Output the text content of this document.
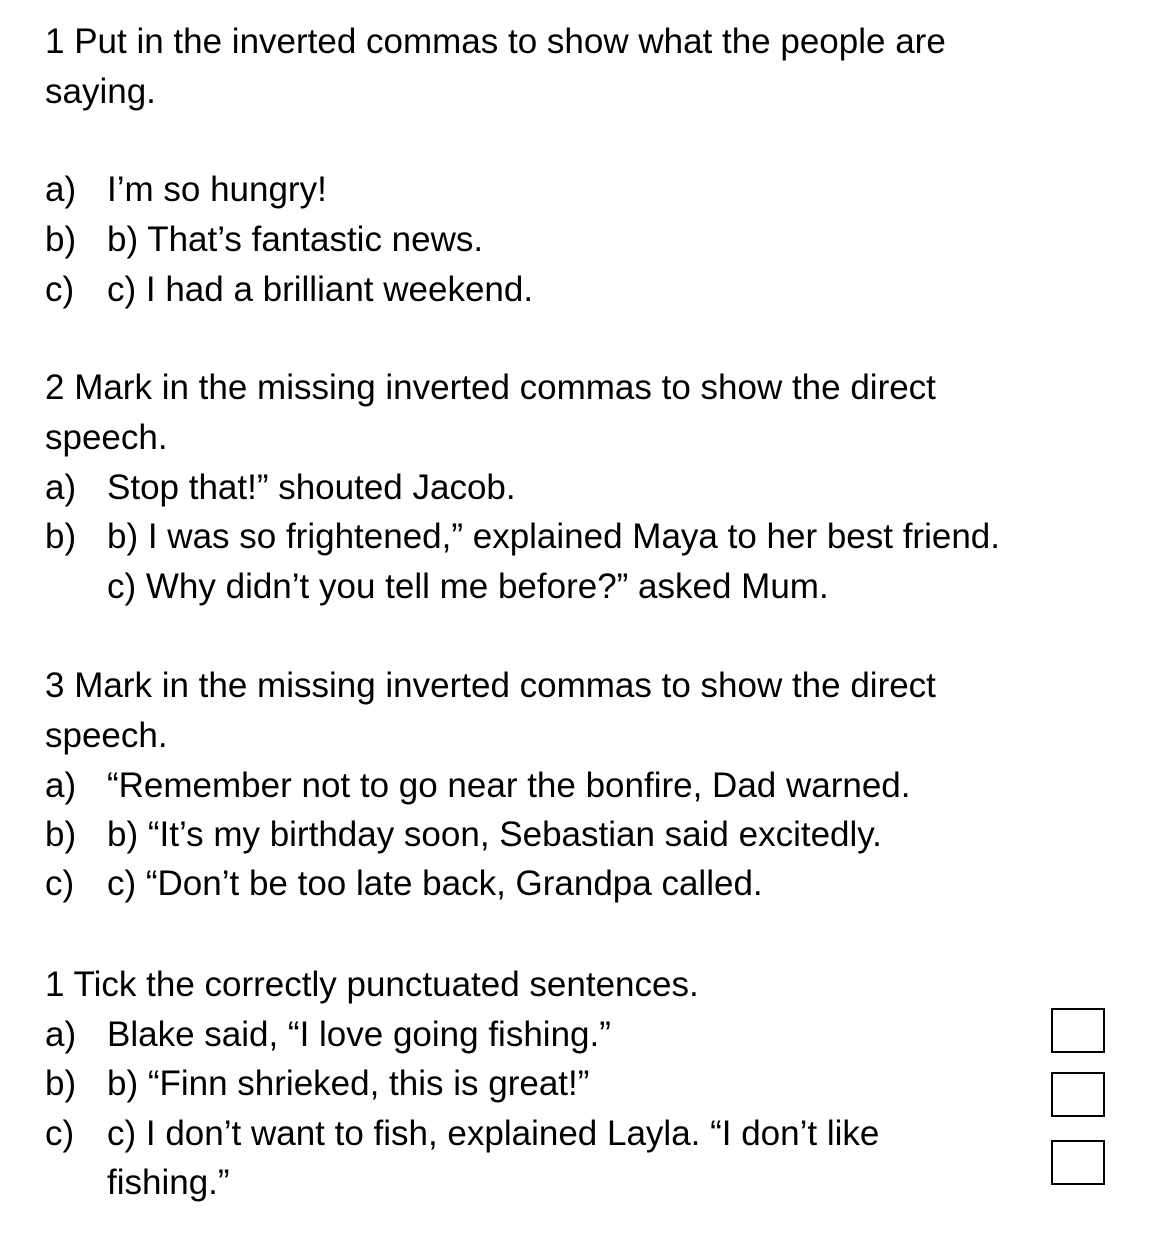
1 Put in the inverted commas to show what the people are
saying.
a) I’m so hungry!
b) b) That’s fantastic news.
c) c) I had a brilliant weekend.
2 Mark in the missing inverted commas to show the direct
speech.
a) Stop that!” shouted Jacob.
b) b) I was so frightened,” explained Maya to her best friend.
c) Why didn’t you tell me before?” asked Mum.
3 Mark in the missing inverted commas to show the direct
speech.
a) “Remember not to go near the bonfire, Dad warned.
b) b) “It’s my birthday soon, Sebastian said excitedly.
c) c) “Don’t be too late back, Grandpa called.
1 Tick the correctly punctuated sentences.
a) Blake said, “I love going fishing.”
b) b) “Finn shrieked, this is great!”
c) c) I don’t want to fish, explained Layla. “I don’t like
fishing.”
